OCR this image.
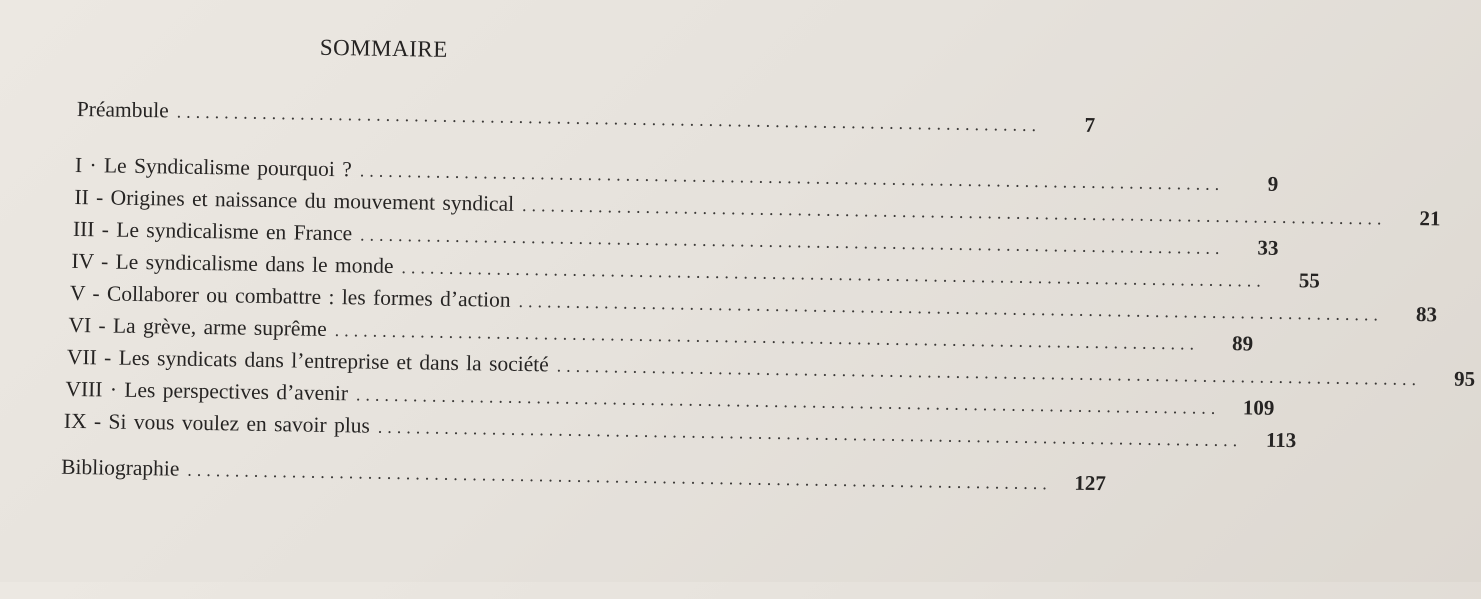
SOMMAIRE
Préambule ...........................................................................................	7
I · Le Syndicalisme pourquoi ? ...........................................................................................	9
II - Origines et naissance du mouvement syndical ...........................................................................................	21
III - Le syndicalisme en France ...........................................................................................	33
IV - Le syndicalisme dans le monde ...........................................................................................	55
V - Collaborer ou combattre : les formes d’action ...........................................................................................	83
VI - La grève, arme suprême ...........................................................................................	89
VII - Les syndicats dans l’entreprise et dans la société ...........................................................................................	95
VIII · Les perspectives d’avenir ...........................................................................................	109
IX - Si vous voulez en savoir plus ...........................................................................................	113
Bibliographie ...........................................................................................	127
